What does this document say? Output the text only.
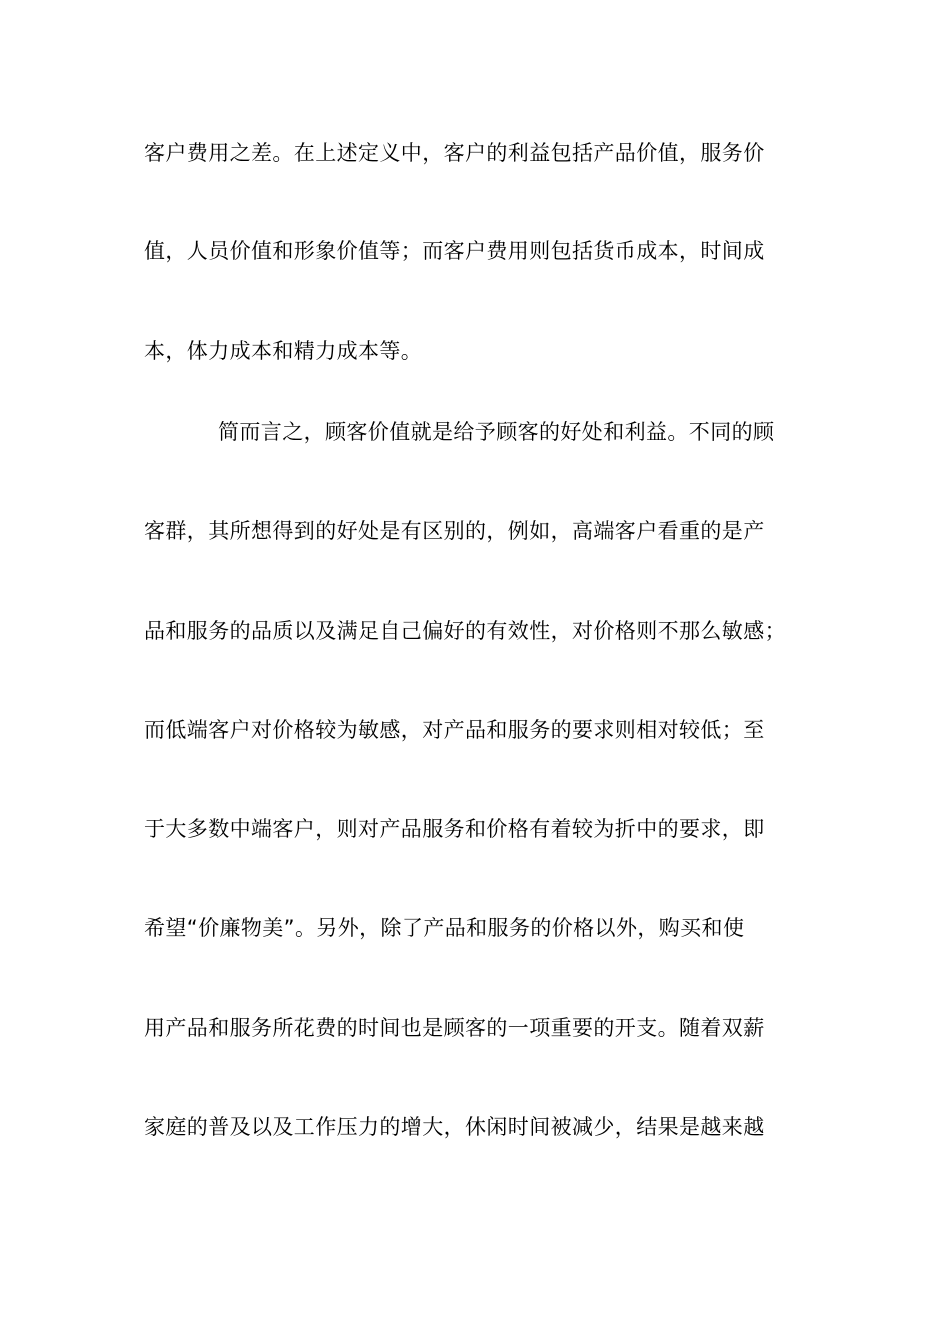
客户费用之差。在上述定义中，客户的利益包括产品价值，服务价
值，人员价值和形象价值等；而客户费用则包括货币成本，时间成
本，体力成本和精力成本等。
简而言之，顾客价值就是给予顾客的好处和利益。不同的顾
客群，其所想得到的好处是有区别的，例如，高端客户看重的是产
品和服务的品质以及满足自己偏好的有效性，对价格则不那么敏感；
而低端客户对价格较为敏感，对产品和服务的要求则相对较低；至
于大多数中端客户，则对产品服务和价格有着较为折中的要求，即
希望“价廉物美”。另外，除了产品和服务的价格以外，购买和使
用产品和服务所花费的时间也是顾客的一项重要的开支。随着双薪
家庭的普及以及工作压力的增大，休闲时间被减少，结果是越来越
